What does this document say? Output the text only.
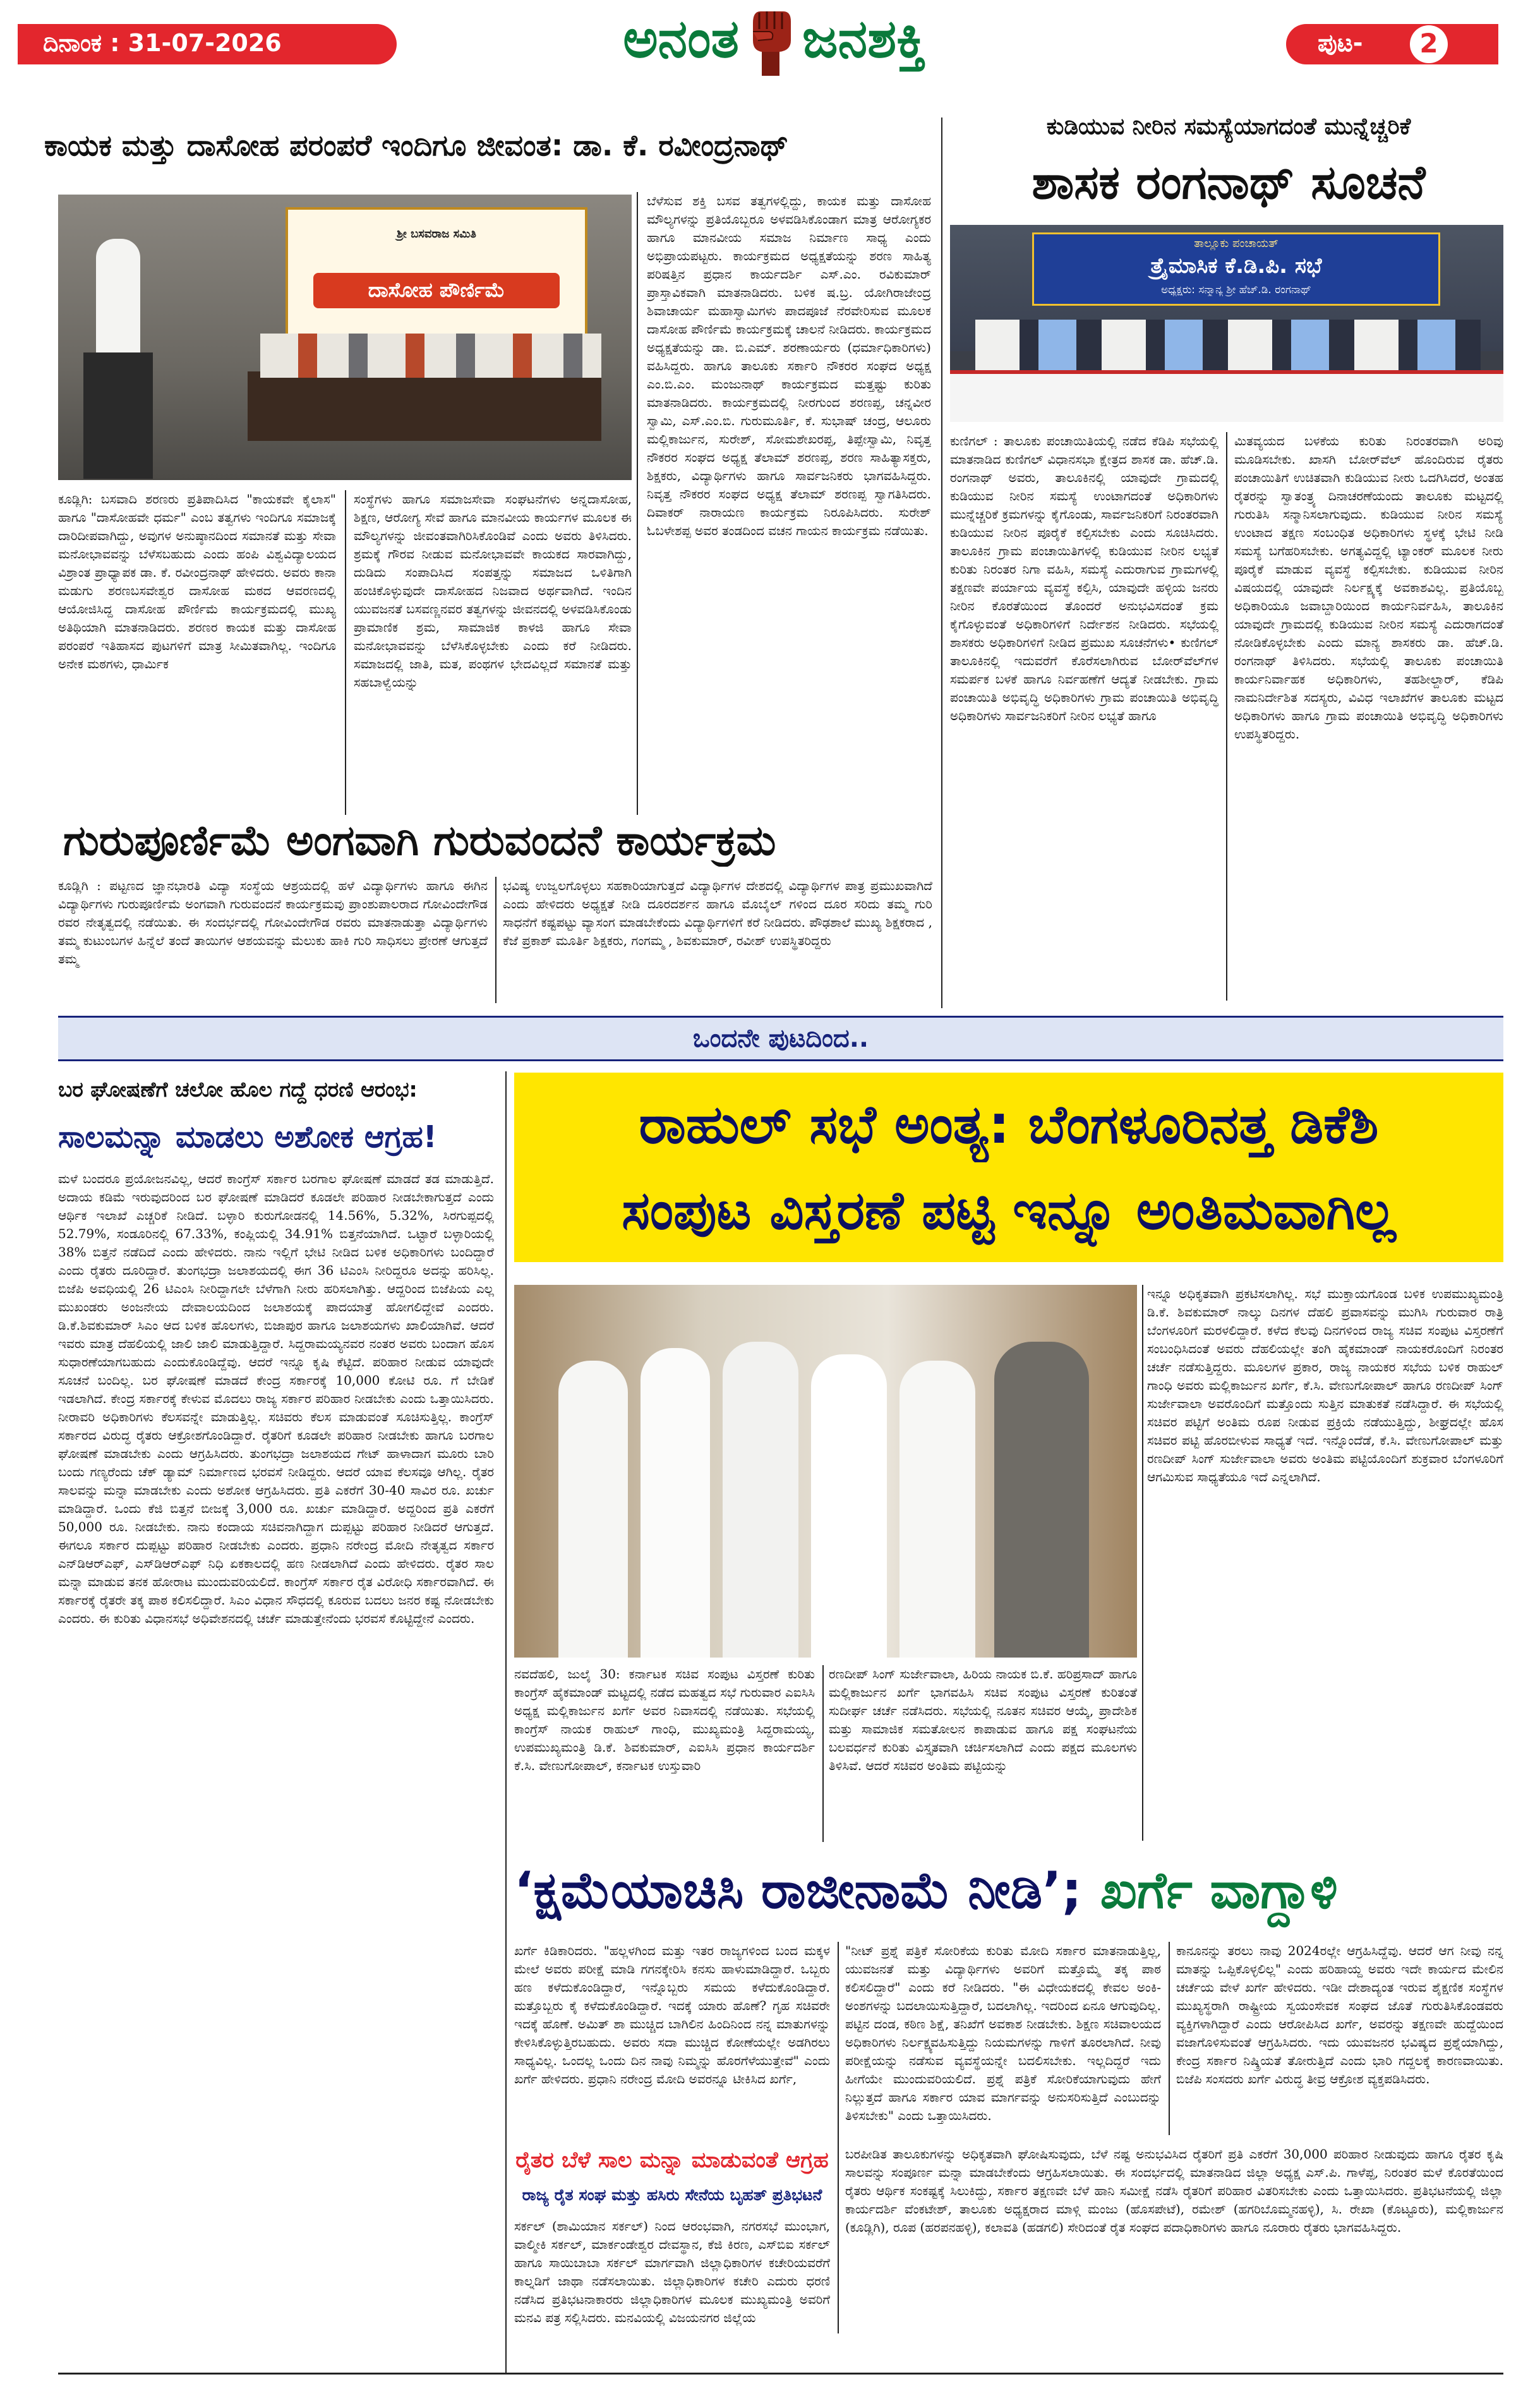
ದಿನಾಂಕ : 31-07-2026	ಅನಂತ ಜನಶಕ್ತಿ	ಪುಟ-	2
ಕಾಯಕ ಮತ್ತು ದಾಸೋಹ ಪರಂಪರೆ ಇಂದಿಗೂ ಜೀವಂತ: ಡಾ. ಕೆ. ರವೀಂದ್ರನಾಥ್
ಶ್ರೀ ಬಸವರಾಜ ಸಮಿತಿ
ದಾಸೋಹ ಪೌರ್ಣಿಮೆ
ಬೆಳೆಸುವ ಶಕ್ತಿ ಬಸವ ತತ್ವಗಳಲ್ಲಿದ್ದು, ಕಾಯಕ ಮತ್ತು ದಾಸೋಹ ಮೌಲ್ಯಗಳನ್ನು ಪ್ರತಿಯೊಬ್ಬರೂ ಅಳವಡಿಸಿಕೊಂಡಾಗ ಮಾತ್ರ ಆರೋಗ್ಯಕರ ಹಾಗೂ ಮಾನವೀಯ ಸಮಾಜ ನಿರ್ಮಾಣ ಸಾಧ್ಯ ಎಂದು ಅಭಿಪ್ರಾಯಪಟ್ಟರು. ಕಾರ್ಯಕ್ರಮದ ಅಧ್ಯಕ್ಷತೆಯನ್ನು ಶರಣ ಸಾಹಿತ್ಯ ಪರಿಷತ್ತಿನ ಪ್ರಧಾನ ಕಾರ್ಯದರ್ಶಿ ಎಸ್.ಎಂ. ರವಿಕುಮಾರ್ ಪ್ರಾಸ್ತಾವಿಕವಾಗಿ ಮಾತನಾಡಿದರು. ಬಳಿಕ ಷ.ಬ್ರ. ಯೋಗಿರಾಜೇಂದ್ರ ಶಿವಾಚಾರ್ಯ ಮಹಾಸ್ವಾಮಿಗಳು ಪಾದಪೂಜೆ ನೆರವೇರಿಸುವ ಮೂಲಕ ದಾಸೋಹ ಪೌರ್ಣಿಮೆ ಕಾರ್ಯಕ್ರಮಕ್ಕೆ ಚಾಲನೆ ನೀಡಿದರು. ಕಾರ್ಯಕ್ರಮದ ಅಧ್ಯಕ್ಷತೆಯನ್ನು ಡಾ. ಬಿ.ಎಮ್. ಶರಣಾರ್ಯರು (ಧರ್ಮಾಧಿಕಾರಿಗಳು) ವಹಿಸಿದ್ದರು. ಹಾಗೂ ತಾಲೂಕು ಸರ್ಕಾರಿ ನೌಕರರ ಸಂಘದ ಅಧ್ಯಕ್ಷ ಎಂ.ಬಿ.ಎಂ. ಮಂಜುನಾಥ್ ಕಾರ್ಯಕ್ರಮದ ಮತ್ತಷ್ಟು ಕುರಿತು ಮಾತನಾಡಿದರು. ಕಾರ್ಯಕ್ರಮದಲ್ಲಿ ನೀರಗುಂದ ಶರಣಪ್ಪ, ಚನ್ನವೀರ ಸ್ವಾಮಿ, ಎಸ್.ಎಂ.ಬಿ. ಗುರುಮೂರ್ತಿ, ಕೆ. ಸುಭಾಷ್ ಚಂದ್ರ, ಆಲೂರು ಮಲ್ಲಿಕಾರ್ಜುನ, ಸುರೇಶ್, ಸೋಮಶೇಖರಪ್ಪ, ತಿಪ್ಪೇಸ್ವಾಮಿ, ನಿವೃತ್ತ ನೌಕರರ ಸಂಘದ ಅಧ್ಯಕ್ಷ ತೆಲಾಮ್ ಶರಣಪ್ಪ, ಶರಣ ಸಾಹಿತ್ಯಾಸಕ್ತರು, ಶಿಕ್ಷಕರು, ವಿದ್ಯಾರ್ಥಿಗಳು ಹಾಗೂ ಸಾರ್ವಜನಿಕರು ಭಾಗವಹಿಸಿದ್ದರು. ನಿವೃತ್ತ ನೌಕರರ ಸಂಘದ ಅಧ್ಯಕ್ಷ ತೆಲಾಮ್ ಶರಣಪ್ಪ ಸ್ವಾಗತಿಸಿದರು. ದಿವಾಕರ್ ನಾರಾಯಣ ಕಾರ್ಯಕ್ರಮ ನಿರೂಪಿಸಿದರು. ಸುರೇಶ್ ಓಬಳೇಶಪ್ಪ ಅವರ ತಂಡದಿಂದ ವಚನ ಗಾಯನ ಕಾರ್ಯಕ್ರಮ ನಡೆಯಿತು.
ಕೂಡ್ಲಿಗಿ: ಬಸವಾದಿ ಶರಣರು ಪ್ರತಿಪಾದಿಸಿದ "ಕಾಯಕವೇ ಕೈಲಾಸ" ಹಾಗೂ "ದಾಸೋಹವೇ ಧರ್ಮ" ಎಂಬ ತತ್ವಗಳು ಇಂದಿಗೂ ಸಮಾಜಕ್ಕೆ ದಾರಿದೀಪವಾಗಿದ್ದು, ಅವುಗಳ ಅನುಷ್ಠಾನದಿಂದ ಸಮಾನತೆ ಮತ್ತು ಸೇವಾ ಮನೋಭಾವವನ್ನು ಬೆಳೆಸಬಹುದು ಎಂದು ಹಂಪಿ ವಿಶ್ವವಿದ್ಯಾಲಯದ ವಿಶ್ರಾಂತ ಪ್ರಾಧ್ಯಾಪಕ ಡಾ. ಕೆ. ರವೀಂದ್ರನಾಥ್ ಹೇಳಿದರು. ಅವರು ಕಾನಾ ಮಡುಗು ಶರಣಬಸವೇಶ್ವರ ದಾಸೋಹ ಮಠದ ಆವರಣದಲ್ಲಿ ಆಯೋಜಿಸಿದ್ದ ದಾಸೋಹ ಪೌರ್ಣಿಮೆ ಕಾರ್ಯಕ್ರಮದಲ್ಲಿ ಮುಖ್ಯ ಅತಿಥಿಯಾಗಿ ಮಾತನಾಡಿದರು. ಶರಣರ ಕಾಯಕ ಮತ್ತು ದಾಸೋಹ ಪರಂಪರೆ ಇತಿಹಾಸದ ಪುಟಗಳಿಗೆ ಮಾತ್ರ ಸೀಮಿತವಾಗಿಲ್ಲ. ಇಂದಿಗೂ ಅನೇಕ ಮಠಗಳು, ಧಾರ್ಮಿಕ
ಸಂಸ್ಥೆಗಳು ಹಾಗೂ ಸಮಾಜಸೇವಾ ಸಂಘಟನೆಗಳು ಅನ್ನದಾಸೋಹ, ಶಿಕ್ಷಣ, ಆರೋಗ್ಯ ಸೇವೆ ಹಾಗೂ ಮಾನವೀಯ ಕಾರ್ಯಗಳ ಮೂಲಕ ಈ ಮೌಲ್ಯಗಳನ್ನು ಜೀವಂತವಾಗಿರಿಸಿಕೊಂಡಿವೆ ಎಂದು ಅವರು ತಿಳಿಸಿದರು. ಶ್ರಮಕ್ಕೆ ಗೌರವ ನೀಡುವ ಮನೋಭಾವವೇ ಕಾಯಕದ ಸಾರವಾಗಿದ್ದು, ದುಡಿದು ಸಂಪಾದಿಸಿದ ಸಂಪತ್ತನ್ನು ಸಮಾಜದ ಒಳಿತಿಗಾಗಿ ಹಂಚಿಕೊಳ್ಳುವುದೇ ದಾಸೋಹದ ನಿಜವಾದ ಅರ್ಥವಾಗಿದೆ. ಇಂದಿನ ಯುವಜನತೆ ಬಸವಣ್ಣನವರ ತತ್ವಗಳನ್ನು ಜೀವನದಲ್ಲಿ ಅಳವಡಿಸಿಕೊಂಡು ಪ್ರಾಮಾಣಿಕ ಶ್ರಮ, ಸಾಮಾಜಿಕ ಕಾಳಜಿ ಹಾಗೂ ಸೇವಾ ಮನೋಭಾವವನ್ನು ಬೆಳೆಸಿಕೊಳ್ಳಬೇಕು ಎಂದು ಕರೆ ನೀಡಿದರು. ಸಮಾಜದಲ್ಲಿ ಜಾತಿ, ಮತ, ಪಂಥಗಳ ಭೇದವಿಲ್ಲದೆ ಸಮಾನತೆ ಮತ್ತು ಸಹಬಾಳ್ವೆಯನ್ನು
ಗುರುಪೂರ್ಣಿಮೆ ಅಂಗವಾಗಿ ಗುರುವಂದನೆ ಕಾರ್ಯಕ್ರಮ
ಕೂಡ್ಲಿಗಿ : ಪಟ್ಟಣದ ಜ್ಞಾನಭಾರತಿ ವಿದ್ಯಾ ಸಂಸ್ಥೆಯ ಆಶ್ರಯದಲ್ಲಿ ಹಳೆ ವಿದ್ಯಾರ್ಥಿಗಳು ಹಾಗೂ ಈಗಿನ ವಿದ್ಯಾರ್ಥಿಗಳು ಗುರುಪೂರ್ಣಿಮೆ ಅಂಗವಾಗಿ ಗುರುವಂದನೆ ಕಾರ್ಯಕ್ರಮವು ಪ್ರಾಂಶುಪಾಲರಾದ ಗೋವಿಂದೇಗೌಡ ರವರ ನೇತೃತ್ವದಲ್ಲಿ ನಡೆಯಿತು. ಈ ಸಂದರ್ಭದಲ್ಲಿ ಗೋವಿಂದೇಗೌಡ ರವರು ಮಾತನಾಡುತ್ತಾ ವಿದ್ಯಾರ್ಥಿಗಳು ತಮ್ಮ ಕುಟುಂಬಗಳ ಹಿನ್ನೆಲೆ ತಂದೆ ತಾಯಿಗಳ ಆಶಯವನ್ನು ಮೆಲುಕು ಹಾಕಿ ಗುರಿ ಸಾಧಿಸಲು ಪ್ರೇರಣೆ ಆಗುತ್ತದೆ ತಮ್ಮ
ಭವಿಷ್ಯ ಉಜ್ವಲಗೊಳ್ಳಲು ಸಹಕಾರಿಯಾಗುತ್ತದೆ ವಿದ್ಯಾರ್ಥಿಗಳ ದೇಶದಲ್ಲಿ ವಿದ್ಯಾರ್ಥಿಗಳ ಪಾತ್ರ ಪ್ರಮುಖವಾಗಿದೆ ಎಂದು ಹೇಳಿದರು ಅಧ್ಯಕ್ಷತೆ ನೀಡಿ ದೂರದರ್ಶನ ಹಾಗೂ ಮೊಬೈಲ್ ಗಳಿಂದ ದೂರ ಸರಿದು ತಮ್ಮ ಗುರಿ ಸಾಧನೆಗೆ ಕಷ್ಟಪಟ್ಟು ವ್ಯಾಸಂಗ ಮಾಡಬೇಕೆಂದು ವಿದ್ಯಾರ್ಥಿಗಳಿಗೆ ಕರೆ ನೀಡಿದರು. ಪೌಢಶಾಲೆ ಮುಖ್ಯ ಶಿಕ್ಷಕರಾದ , ಕೆಜೆ ಪ್ರಕಾಶ್ ಮೂರ್ತಿ ಶಿಕ್ಷಕರು, ಗಂಗಮ್ಮ , ಶಿವಕುಮಾರ್, ರವೀಶ್ ಉಪಸ್ಥಿತರಿದ್ದರು
ಕುಡಿಯುವ ನೀರಿನ ಸಮಸ್ಯೆಯಾಗದಂತೆ ಮುನ್ನೆಚ್ಚರಿಕೆ
ಶಾಸಕ ರಂಗನಾಥ್ ಸೂಚನೆ
ತಾಲ್ಲೂಕು ಪಂಚಾಯತ್
ತ್ರೈಮಾಸಿಕ ಕೆ.ಡಿ.ಪಿ. ಸಭೆ
ಅಧ್ಯಕ್ಷರು: ಸನ್ಮಾನ್ಯ ಶ್ರೀ ಹೆಚ್.ಡಿ. ರಂಗನಾಥ್
ಕುಣಿಗಲ್ : ತಾಲೂಕು ಪಂಚಾಯಿತಿಯಲ್ಲಿ ನಡೆದ ಕೆಡಿಪಿ ಸಭೆಯಲ್ಲಿ ಮಾತನಾಡಿದ ಕುಣಿಗಲ್ ವಿಧಾನಸಭಾ ಕ್ಷೇತ್ರದ ಶಾಸಕ ಡಾ. ಹೆಚ್.ಡಿ. ರಂಗನಾಥ್ ಅವರು, ತಾಲೂಕಿನಲ್ಲಿ ಯಾವುದೇ ಗ್ರಾಮದಲ್ಲಿ ಕುಡಿಯುವ ನೀರಿನ ಸಮಸ್ಯೆ ಉಂಟಾಗದಂತೆ ಅಧಿಕಾರಿಗಳು ಮುನ್ನೆಚ್ಚರಿಕೆ ಕ್ರಮಗಳನ್ನು ಕೈಗೊಂಡು, ಸಾರ್ವಜನಿಕರಿಗೆ ನಿರಂತರವಾಗಿ ಕುಡಿಯುವ ನೀರಿನ ಪೂರೈಕೆ ಕಲ್ಪಿಸಬೇಕು ಎಂದು ಸೂಚಿಸಿದರು. ತಾಲೂಕಿನ ಗ್ರಾಮ ಪಂಚಾಯಿತಿಗಳಲ್ಲಿ ಕುಡಿಯುವ ನೀರಿನ ಲಭ್ಯತೆ ಕುರಿತು ನಿರಂತರ ನಿಗಾ ವಹಿಸಿ, ಸಮಸ್ಯೆ ಎದುರಾಗುವ ಗ್ರಾಮಗಳಲ್ಲಿ ತಕ್ಷಣವೇ ಪರ್ಯಾಯ ವ್ಯವಸ್ಥೆ ಕಲ್ಪಿಸಿ, ಯಾವುದೇ ಹಳ್ಳಿಯ ಜನರು ನೀರಿನ ಕೊರತೆಯಿಂದ ತೊಂದರೆ ಅನುಭವಿಸದಂತೆ ಕ್ರಮ ಕೈಗೊಳ್ಳುವಂತೆ ಅಧಿಕಾರಿಗಳಿಗೆ ನಿರ್ದೇಶನ ನೀಡಿದರು. ಸಭೆಯಲ್ಲಿ ಶಾಸಕರು ಅಧಿಕಾರಿಗಳಿಗೆ ನೀಡಿದ ಪ್ರಮುಖ ಸೂಚನೆಗಳು• ಕುಣಿಗಲ್ ತಾಲೂಕಿನಲ್ಲಿ ಇದುವರೆಗೆ ಕೊರೆಸಲಾಗಿರುವ ಬೋರ್‌ವೆಲ್‌ಗಳ ಸಮರ್ಪಕ ಬಳಕೆ ಹಾಗೂ ನಿರ್ವಹಣೆಗೆ ಆದ್ಯತೆ ನೀಡಬೇಕು. ಗ್ರಾಮ ಪಂಚಾಯಿತಿ ಅಭಿವೃದ್ಧಿ ಅಧಿಕಾರಿಗಳು ಗ್ರಾಮ ಪಂಚಾಯಿತಿ ಅಭಿವೃದ್ಧಿ ಅಧಿಕಾರಿಗಳು ಸಾರ್ವಜನಿಕರಿಗೆ ನೀರಿನ ಲಭ್ಯತೆ ಹಾಗೂ
ಮಿತವ್ಯಯದ ಬಳಕೆಯ ಕುರಿತು ನಿರಂತರವಾಗಿ ಅರಿವು ಮೂಡಿಸಬೇಕು. ಖಾಸಗಿ ಬೋರ್‌ವೆಲ್ ಹೊಂದಿರುವ ರೈತರು ಪಂಚಾಯಿತಿಗೆ ಉಚಿತವಾಗಿ ಕುಡಿಯುವ ನೀರು ಒದಗಿಸಿದರೆ, ಅಂತಹ ರೈತರನ್ನು ಸ್ವಾತಂತ್ರ್ಯ ದಿನಾಚರಣೆಯಂದು ತಾಲೂಕು ಮಟ್ಟದಲ್ಲಿ ಗುರುತಿಸಿ ಸನ್ಮಾನಿಸಲಾಗುವುದು. ಕುಡಿಯುವ ನೀರಿನ ಸಮಸ್ಯೆ ಉಂಟಾದ ತಕ್ಷಣ ಸಂಬಂಧಿತ ಅಧಿಕಾರಿಗಳು ಸ್ಥಳಕ್ಕೆ ಭೇಟಿ ನೀಡಿ ಸಮಸ್ಯೆ ಬಗೆಹರಿಸಬೇಕು. ಅಗತ್ಯವಿದ್ದಲ್ಲಿ ಟ್ಯಾಂಕರ್ ಮೂಲಕ ನೀರು ಪೂರೈಕೆ ಮಾಡುವ ವ್ಯವಸ್ಥೆ ಕಲ್ಪಿಸಬೇಕು. ಕುಡಿಯುವ ನೀರಿನ ವಿಷಯದಲ್ಲಿ ಯಾವುದೇ ನಿರ್ಲಕ್ಷ್ಯಕ್ಕೆ ಅವಕಾಶವಿಲ್ಲ. ಪ್ರತಿಯೊಬ್ಬ ಅಧಿಕಾರಿಯೂ ಜವಾಬ್ದಾರಿಯಿಂದ ಕಾರ್ಯನಿರ್ವಹಿಸಿ, ತಾಲೂಕಿನ ಯಾವುದೇ ಗ್ರಾಮದಲ್ಲಿ ಕುಡಿಯುವ ನೀರಿನ ಸಮಸ್ಯೆ ಎದುರಾಗದಂತೆ ನೋಡಿಕೊಳ್ಳಬೇಕು ಎಂದು ಮಾನ್ಯ ಶಾಸಕರು ಡಾ. ಹೆಚ್.ಡಿ. ರಂಗನಾಥ್ ತಿಳಿಸಿದರು. ಸಭೆಯಲ್ಲಿ ತಾಲೂಕು ಪಂಚಾಯಿತಿ ಕಾರ್ಯನಿರ್ವಾಹಕ ಅಧಿಕಾರಿಗಳು, ತಹಶೀಲ್ದಾರ್, ಕೆಡಿಪಿ ನಾಮನಿರ್ದೇಶಿತ ಸದಸ್ಯರು, ವಿವಿಧ ಇಲಾಖೆಗಳ ತಾಲೂಕು ಮಟ್ಟದ ಅಧಿಕಾರಿಗಳು ಹಾಗೂ ಗ್ರಾಮ ಪಂಚಾಯಿತಿ ಅಭಿವೃದ್ಧಿ ಅಧಿಕಾರಿಗಳು ಉಪಸ್ಥಿತರಿದ್ದರು.
ಒಂದನೇ ಪುಟದಿಂದ..
ಬರ ಘೋಷಣೆಗೆ ಚಲೋ ಹೊಲ ಗದ್ದೆ ಧರಣಿ ಆರಂಭ:
ಸಾಲಮನ್ನಾ ಮಾಡಲು ಅಶೋಕ ಆಗ್ರಹ!
ಮಳೆ ಬಂದರೂ ಪ್ರಯೋಜನವಿಲ್ಲ, ಆದರೆ ಕಾಂಗ್ರೆಸ್ ಸರ್ಕಾರ ಬರಗಾಲ ಘೋಷಣೆ ಮಾಡದೆ ತಡ ಮಾಡುತ್ತಿದೆ. ಅದಾಯ ಕಡಿಮೆ ಇರುವುದರಿಂದ ಬರ ಘೋಷಣೆ ಮಾಡಿದರೆ ಕೂಡಲೇ ಪರಿಹಾರ ನೀಡಬೇಕಾಗುತ್ತದೆ ಎಂದು ಆರ್ಥಿಕ ಇಲಾಖೆ ಎಚ್ಚರಿಕೆ ನೀಡಿದೆ. ಬಳ್ಳಾರಿ ಕುರುಗೋಡನಲ್ಲಿ 14.56%, 5.32%, ಸಿರಗುಪ್ಪದಲ್ಲಿ 52.79%, ಸಂಡೂರಿನಲ್ಲಿ 67.33%, ಕಂಪ್ಲಿಯಲ್ಲಿ 34.91% ಬಿತ್ತನೆಯಾಗಿದೆ. ಒಟ್ಟಾರೆ ಬಳ್ಳಾರಿಯಲ್ಲಿ 38% ಬಿತ್ತನೆ ನಡೆದಿದೆ ಎಂದು ಹೇಳಿದರು. ನಾನು ಇಲ್ಲಿಗೆ ಭೇಟಿ ನೀಡಿದ ಬಳಿಕ ಅಧಿಕಾರಿಗಳು ಬಂದಿದ್ದಾರೆ ಎಂದು ರೈತರು ದೂರಿದ್ದಾರೆ. ತುಂಗಭದ್ರಾ ಜಲಾಶಯದಲ್ಲಿ ಈಗ 36 ಟಿಎಂಸಿ ನೀರಿದ್ದರೂ ಅದನ್ನು ಹರಿಸಿಲ್ಲ. ಬಿಜೆಪಿ ಅವಧಿಯಲ್ಲಿ 26 ಟಿಎಂಸಿ ನೀರಿದ್ದಾಗಲೇ ಬೆಳೆಗಾಗಿ ನೀರು ಹರಿಸಲಾಗಿತ್ತು. ಆದ್ದರಿಂದ ಬಿಜೆಪಿಯ ಎಲ್ಲ ಮುಖಂಡರು ಅಂಜನೇಯ ದೇವಾಲಯದಿಂದ ಜಲಾಶಯಕ್ಕೆ ಪಾದಯಾತ್ರೆ ಹೋಗಲಿದ್ದೇವೆ ಎಂದರು. ಡಿ.ಕೆ.ಶಿವಕುಮಾರ್ ಸಿಎಂ ಆದ ಬಳಿಕ ಹೊಲಗಳು, ಬಿಜಾಪುರ ಹಾಗೂ ಜಲಾಶಯಗಳು ಖಾಲಿಯಾಗಿವೆ. ಆದರೆ ಇವರು ಮಾತ್ರ ದೆಹಲಿಯಲ್ಲಿ ಜಾಲಿ ಜಾಲಿ ಮಾಡುತ್ತಿದ್ದಾರೆ. ಸಿದ್ದರಾಮಯ್ಯನವರ ನಂತರ ಅವರು ಬಂದಾಗ ಹೊಸ ಸುಧಾರಣೆಯಾಗಬಹುದು ಎಂದುಕೊಂಡಿದ್ದೆವು. ಆದರೆ ಇನ್ನೂ ಕೃಷಿ ಕೆಟ್ಟಿದೆ. ಪರಿಹಾರ ನೀಡುವ ಯಾವುದೇ ಸೂಚನೆ ಬಂದಿಲ್ಲ. ಬರ ಘೋಷಣೆ ಮಾಡದೆ ಕೇಂದ್ರ ಸರ್ಕಾರಕ್ಕೆ 10,000 ಕೋಟಿ ರೂ. ಗೆ ಬೇಡಿಕೆ ಇಡಲಾಗಿದೆ. ಕೇಂದ್ರ ಸರ್ಕಾರಕ್ಕೆ ಕೇಳುವ ಮೊದಲು ರಾಜ್ಯ ಸರ್ಕಾರ ಪರಿಹಾರ ನೀಡಬೇಕು ಎಂದು ಒತ್ತಾಯಿಸಿದರು. ನೀರಾವರಿ ಅಧಿಕಾರಿಗಳು ಕೆಲಸವನ್ನೇ ಮಾಡುತ್ತಿಲ್ಲ. ಸಚಿವರು ಕೆಲಸ ಮಾಡುವಂತೆ ಸೂಚಿಸುತ್ತಿಲ್ಲ. ಕಾಂಗ್ರೆಸ್ ಸರ್ಕಾರದ ವಿರುದ್ಧ ರೈತರು ಆಕ್ರೋಶಗೊಂಡಿದ್ದಾರೆ. ರೈತರಿಗೆ ಕೂಡಲೇ ಪರಿಹಾರ ನೀಡಬೇಕು ಹಾಗೂ ಬರಗಾಲ ಘೋಷಣೆ ಮಾಡಬೇಕು ಎಂದು ಆಗ್ರಹಿಸಿದರು. ತುಂಗಭದ್ರಾ ಜಲಾಶಯದ ಗೇಟ್ ಹಾಳಾದಾಗ ಮೂರು ಬಾರಿ ಬಂದು ಗಣ್ಯರೆಂದು ಚೆಕ್ ಡ್ಯಾಮ್ ನಿರ್ಮಾಣದ ಭರವಸೆ ನೀಡಿದ್ದರು. ಆದರೆ ಯಾವ ಕೆಲಸವೂ ಆಗಿಲ್ಲ. ರೈತರ ಸಾಲವನ್ನು ಮನ್ನಾ ಮಾಡಬೇಕು ಎಂದು ಅಶೋಕ ಆಗ್ರಹಿಸಿದರು. ಪ್ರತಿ ಎಕರೆಗೆ 30-40 ಸಾವಿರ ರೂ. ಖರ್ಚು ಮಾಡಿದ್ದಾರೆ. ಒಂದು ಕೆಜಿ ಬಿತ್ತನೆ ಬೀಜಕ್ಕೆ 3,000 ರೂ. ಖರ್ಚು ಮಾಡಿದ್ದಾರೆ. ಅದ್ದರಿಂದ ಪ್ರತಿ ಎಕರೆಗೆ 50,000 ರೂ. ನೀಡಬೇಕು. ನಾನು ಕಂದಾಯ ಸಚಿವನಾಗಿದ್ದಾಗ ದುಪ್ಪಟ್ಟು ಪರಿಹಾರ ನೀಡಿದರೆ ಆಗುತ್ತದೆ. ಈಗಲೂ ಸರ್ಕಾರ ದುಪ್ಪಟ್ಟು ಪರಿಹಾರ ನೀಡಬೇಕು ಎಂದರು. ಪ್ರಧಾನಿ ನರೇಂದ್ರ ಮೋದಿ ನೇತೃತ್ವದ ಸರ್ಕಾರ ಎನ್‌ಡಿಆರ್‌ಎಫ್, ಎಸ್‌ಡಿಆರ್‌ಎಫ್ ನಿಧಿ ಏಕಕಾಲದಲ್ಲಿ ಹಣ ನೀಡಲಾಗಿದೆ ಎಂದು ಹೇಳಿದರು. ರೈತರ ಸಾಲ ಮನ್ನಾ ಮಾಡುವ ತನಕ ಹೋರಾಟ ಮುಂದುವರಿಯಲಿದೆ. ಕಾಂಗ್ರೆಸ್ ಸರ್ಕಾರ ರೈತ ವಿರೋಧಿ ಸರ್ಕಾರವಾಗಿದೆ. ಈ ಸರ್ಕಾರಕ್ಕೆ ರೈತರೇ ತಕ್ಕ ಪಾಠ ಕಲಿಸಲಿದ್ದಾರೆ. ಸಿಎಂ ವಿಧಾನ ಸೌಧದಲ್ಲಿ ಕೂರುವ ಬದಲು ಜನರ ಕಷ್ಟ ನೋಡಬೇಕು ಎಂದರು. ಈ ಕುರಿತು ವಿಧಾನಸಭೆ ಅಧಿವೇಶನದಲ್ಲಿ ಚರ್ಚೆ ಮಾಡುತ್ತೇನೆಂದು ಭರವಸೆ ಕೊಟ್ಟಿದ್ದೇನೆ ಎಂದರು.
ರಾಹುಲ್ ಸಭೆ ಅಂತ್ಯ: ಬೆಂಗಳೂರಿನತ್ತ ಡಿಕೆಶಿ
ಸಂಪುಟ ವಿಸ್ತರಣೆ ಪಟ್ಟಿ ಇನ್ನೂ ಅಂತಿಮವಾಗಿಲ್ಲ
ಇನ್ನೂ ಅಧಿಕೃತವಾಗಿ ಪ್ರಕಟಿಸಲಾಗಿಲ್ಲ. ಸಭೆ ಮುಕ್ತಾಯಗೊಂಡ ಬಳಿಕ ಉಪಮುಖ್ಯಮಂತ್ರಿ ಡಿ.ಕೆ. ಶಿವಕುಮಾರ್ ನಾಲ್ಕು ದಿನಗಳ ದೆಹಲಿ ಪ್ರವಾಸವನ್ನು ಮುಗಿಸಿ ಗುರುವಾರ ರಾತ್ರಿ ಬೆಂಗಳೂರಿಗೆ ಮರಳಲಿದ್ದಾರೆ. ಕಳೆದ ಕೆಲವು ದಿನಗಳಿಂದ ರಾಜ್ಯ ಸಚಿವ ಸಂಪುಟ ವಿಸ್ತರಣೆಗೆ ಸಂಬಂಧಿಸಿದಂತೆ ಅವರು ದೆಹಲಿಯಲ್ಲೇ ತಂಗಿ ಹೈಕಮಾಂಡ್ ನಾಯಕರೊಂದಿಗೆ ನಿರಂತರ ಚರ್ಚೆ ನಡೆಸುತ್ತಿದ್ದರು. ಮೂಲಗಳ ಪ್ರಕಾರ, ರಾಜ್ಯ ನಾಯಕರ ಸಭೆಯ ಬಳಿಕ ರಾಹುಲ್ ಗಾಂಧಿ ಅವರು ಮಲ್ಲಿಕಾರ್ಜುನ ಖರ್ಗೆ, ಕೆ.ಸಿ. ವೇಣುಗೋಪಾಲ್ ಹಾಗೂ ರಣದೀಪ್ ಸಿಂಗ್ ಸುರ್ಜೇವಾಲಾ ಅವರೊಂದಿಗೆ ಮತ್ತೊಂದು ಸುತ್ತಿನ ಮಾತುಕತೆ ನಡೆಸಿದ್ದಾರೆ. ಈ ಸಭೆಯಲ್ಲಿ ಸಚಿವರ ಪಟ್ಟಿಗೆ ಅಂತಿಮ ರೂಪ ನೀಡುವ ಪ್ರಕ್ರಿಯೆ ನಡೆಯುತ್ತಿದ್ದು, ಶೀಘ್ರದಲ್ಲೇ ಹೊಸ ಸಚಿವರ ಪಟ್ಟಿ ಹೊರಬೀಳುವ ಸಾಧ್ಯತೆ ಇದೆ. ಇನ್ನೊಂದೆಡೆ, ಕೆ.ಸಿ. ವೇಣುಗೋಪಾಲ್ ಮತ್ತು ರಣದೀಪ್ ಸಿಂಗ್ ಸುರ್ಜೇವಾಲಾ ಅವರು ಅಂತಿಮ ಪಟ್ಟಿಯೊಂದಿಗೆ ಶುಕ್ರವಾರ ಬೆಂಗಳೂರಿಗೆ ಆಗಮಿಸುವ ಸಾಧ್ಯತೆಯೂ ಇದೆ ಎನ್ನಲಾಗಿದೆ.
ನವದೆಹಲಿ, ಜುಲೈ 30: ಕರ್ನಾಟಕ ಸಚಿವ ಸಂಪುಟ ವಿಸ್ತರಣೆ ಕುರಿತು ಕಾಂಗ್ರೆಸ್ ಹೈಕಮಾಂಡ್ ಮಟ್ಟದಲ್ಲಿ ನಡೆದ ಮಹತ್ವದ ಸಭೆ ಗುರುವಾರ ಎಐಸಿಸಿ ಅಧ್ಯಕ್ಷ ಮಲ್ಲಿಕಾರ್ಜುನ ಖರ್ಗೆ ಅವರ ನಿವಾಸದಲ್ಲಿ ನಡೆಯಿತು. ಸಭೆಯಲ್ಲಿ ಕಾಂಗ್ರೆಸ್ ನಾಯಕ ರಾಹುಲ್ ಗಾಂಧಿ, ಮುಖ್ಯಮಂತ್ರಿ ಸಿದ್ದರಾಮಯ್ಯ, ಉಪಮುಖ್ಯಮಂತ್ರಿ ಡಿ.ಕೆ. ಶಿವಕುಮಾರ್, ಎಐಸಿಸಿ ಪ್ರಧಾನ ಕಾರ್ಯದರ್ಶಿ ಕೆ.ಸಿ. ವೇಣುಗೋಪಾಲ್, ಕರ್ನಾಟಕ ಉಸ್ತುವಾರಿ
ರಣದೀಪ್ ಸಿಂಗ್ ಸುರ್ಜೇವಾಲಾ, ಹಿರಿಯ ನಾಯಕ ಬಿ.ಕೆ. ಹರಿಪ್ರಸಾದ್ ಹಾಗೂ ಮಲ್ಲಿಕಾರ್ಜುನ ಖರ್ಗೆ ಭಾಗವಹಿಸಿ ಸಚಿವ ಸಂಪುಟ ವಿಸ್ತರಣೆ ಕುರಿತಂತೆ ಸುದೀರ್ಘ ಚರ್ಚೆ ನಡೆಸಿದರು. ಸಭೆಯಲ್ಲಿ ನೂತನ ಸಚಿವರ ಆಯ್ಕೆ, ಪ್ರಾದೇಶಿಕ ಮತ್ತು ಸಾಮಾಜಿಕ ಸಮತೋಲನ ಕಾಪಾಡುವ ಹಾಗೂ ಪಕ್ಷ ಸಂಘಟನೆಯ ಬಲವರ್ಧನೆ ಕುರಿತು ವಿಸ್ತೃತವಾಗಿ ಚರ್ಚಿಸಲಾಗಿದೆ ಎಂದು ಪಕ್ಷದ ಮೂಲಗಳು ತಿಳಿಸಿವೆ. ಆದರೆ ಸಚಿವರ ಅಂತಿಮ ಪಟ್ಟಿಯನ್ನು
‘ಕ್ಷಮೆಯಾಚಿಸಿ ರಾಜೀನಾಮೆ ನೀಡಿ’; ಖರ್ಗೆ ವಾಗ್ದಾಳಿ
ಖರ್ಗೆ ಕಿಡಿಕಾರಿದರು. "ಹಲ್ಲಳಗಿಂದ ಮತ್ತು ಇತರ ರಾಜ್ಯಗಳಿಂದ ಬಂದ ಮಕ್ಕಳ ಮೇಲೆ ಅವರು ಪರೀಕ್ಷೆ ಮಾಡಿ ಗಗನಕ್ಕೇರಿಸಿ ಕನಸು ಹಾಳುಮಾಡಿದ್ದಾರೆ. ಒಬ್ಬರು ಹಣ ಕಳೆದುಕೊಂಡಿದ್ದಾರೆ, ಇನ್ನೊಬ್ಬರು ಸಮಯ ಕಳೆದುಕೊಂಡಿದ್ದಾರೆ. ಮತ್ತೊಬ್ಬರು ಕೈ ಕಳೆದುಕೊಂಡಿದ್ದಾರೆ. ಇದಕ್ಕೆ ಯಾರು ಹೊಣೆ? ಗೃಹ ಸಚಿವರೇ ಇದಕ್ಕೆ ಹೊಣೆ. ಅಮಿತ್ ಶಾ ಮುಚ್ಚಿದ ಬಾಗಿಲಿನ ಹಿಂದಿನಿಂದ ನನ್ನ ಮಾತುಗಳನ್ನು ಕೇಳಿಸಿಕೊಳ್ಳುತ್ತಿರಬಹುದು. ಅವರು ಸದಾ ಮುಚ್ಚಿದ ಕೋಣೆಯಲ್ಲೇ ಅಡಗಿರಲು ಸಾಧ್ಯವಿಲ್ಲ. ಒಂದಲ್ಲ ಒಂದು ದಿನ ನಾವು ನಿಮ್ಮನ್ನು ಹೊರಗೆಳೆಯುತ್ತೇವೆ" ಎಂದು ಖರ್ಗೆ ಹೇಳಿದರು. ಪ್ರಧಾನಿ ನರೇಂದ್ರ ಮೋದಿ ಅವರನ್ನೂ ಟೀಕಿಸಿದ ಖರ್ಗೆ,
"ನೀಟ್ ಪ್ರಶ್ನೆ ಪತ್ರಿಕೆ ಸೋರಿಕೆಯ ಕುರಿತು ಮೋದಿ ಸರ್ಕಾರ ಮಾತನಾಡುತ್ತಿಲ್ಲ, ಯುವಜನತೆ ಮತ್ತು ವಿದ್ಯಾರ್ಥಿಗಳು ಅವರಿಗೆ ಮತ್ತೊಮ್ಮೆ ತಕ್ಕ ಪಾಠ ಕಲಿಸಲಿದ್ದಾರೆ" ಎಂದು ಕರೆ ನೀಡಿದರು. "ಈ ವಿಧೇಯಕದಲ್ಲಿ ಕೇವಲ ಅಂಕಿ-ಅಂಶಗಳನ್ನು ಬದಲಾಯಿಸುತ್ತಿದ್ದಾರೆ, ಬದಲಾಗಿಲ್ಲ. ಇದರಿಂದ ಏನೂ ಆಗುವುದಿಲ್ಲ. ಪಟ್ಟಿನ ದಂಡ, ಕಠಿಣ ಶಿಕ್ಷೆ, ತನಿಖೆಗೆ ಅವಕಾಶ ನೀಡಬೇಕು. ಶಿಕ್ಷಣ ಸಚಿವಾಲಯದ ಅಧಿಕಾರಿಗಳು ನಿರ್ಲಕ್ಷ್ಯವಹಿಸುತ್ತಿದ್ದು ನಿಯಮಗಳನ್ನು ಗಾಳಿಗೆ ತೂರಲಾಗಿದೆ. ನೀವು ಪರೀಕ್ಷೆಯನ್ನು ನಡೆಸುವ ವ್ಯವಸ್ಥೆಯನ್ನೇ ಬದಲಿಸಬೇಕು. ಇಲ್ಲದಿದ್ದರೆ ಇದು ಹೀಗೆಯೇ ಮುಂದುವರಿಯಲಿದೆ. ಪ್ರಶ್ನೆ ಪತ್ರಿಕೆ ಸೋರಿಕೆಯಾಗುವುದು ಹೇಗೆ ನಿಲ್ಲುತ್ತದೆ ಹಾಗೂ ಸರ್ಕಾರ ಯಾವ ಮಾರ್ಗವನ್ನು ಅನುಸರಿಸುತ್ತಿದೆ ಎಂಬುದನ್ನು ತಿಳಿಸಬೇಕು" ಎಂದು ಒತ್ತಾಯಿಸಿದರು.
ಕಾನೂನನ್ನು ತರಲು ನಾವು 2024ರಲ್ಲೇ ಆಗ್ರಹಿಸಿದ್ದೆವು. ಆದರೆ ಆಗ ನೀವು ನನ್ನ ಮಾತನ್ನು ಒಪ್ಪಿಕೊಳ್ಳಲಿಲ್ಲ" ಎಂದು ಹರಿಹಾಯ್ದ ಅವರು ಇದೇ ಕಾರ್ಯದ ಮೇಲಿನ ಚರ್ಚೆಯ ವೇಳೆ ಖರ್ಗೆ ಹೇಳಿದರು. ಇಡೀ ದೇಶಾದ್ಯಂತ ಇರುವ ಶೈಕ್ಷಣಿಕ ಸಂಸ್ಥೆಗಳ ಮುಖ್ಯಸ್ಥರಾಗಿ ರಾಷ್ಟ್ರೀಯ ಸ್ವಯಂಸೇವಕ ಸಂಘದ ಜೊತೆ ಗುರುತಿಸಿಕೊಂಡವರು ವ್ಯಕ್ತಿಗಳಾಗಿದ್ದಾರೆ ಎಂದು ಆರೋಪಿಸಿದ ಖರ್ಗೆ, ಅವರನ್ನು ತಕ್ಷಣವೇ ಹುದ್ದೆಯಿಂದ ವಜಾಗೊಳಿಸುವಂತೆ ಆಗ್ರಹಿಸಿದರು. ಇದು ಯುವಜನರ ಭವಿಷ್ಯದ ಪ್ರಶ್ನೆಯಾಗಿದ್ದು, ಕೇಂದ್ರ ಸರ್ಕಾರ ನಿಷ್ಕ್ರಿಯತೆ ತೋರುತ್ತಿದೆ ಎಂದು ಭಾರಿ ಗದ್ದಲಕ್ಕೆ ಕಾರಣವಾಯಿತು. ಬಿಜೆಪಿ ಸಂಸದರು ಖರ್ಗೆ ವಿರುದ್ಧ ತೀವ್ರ ಆಕ್ರೋಶ ವ್ಯಕ್ತಪಡಿಸಿದರು.
ರೈತರ ಬೆಳೆ ಸಾಲ ಮನ್ನಾ ಮಾಡುವಂತೆ ಆಗ್ರಹ
ರಾಜ್ಯ ರೈತ ಸಂಘ ಮತ್ತು ಹಸಿರು ಸೇನೆಯ ಬೃಹತ್ ಪ್ರತಿಭಟನೆ
ಸರ್ಕಲ್ (ಶಾಮಿಯಾನ ಸರ್ಕಲ್) ನಿಂದ ಆರಂಭವಾಗಿ, ನಗರಸಭೆ ಮುಂಭಾಗ, ವಾಲ್ಮೀಕಿ ಸರ್ಕಲ್, ಮಾರ್ಕಂಡೇಶ್ವರ ದೇವಸ್ಥಾನ, ಕೆಜಿ ಕಿರಣ, ಎಸ್‌ಬಿಐ ಸರ್ಕಲ್ ಹಾಗೂ ಸಾಯಿಬಾಬಾ ಸರ್ಕಲ್ ಮಾರ್ಗವಾಗಿ ಜಿಲ್ಲಾಧಿಕಾರಿಗಳ ಕಚೇರಿಯವರೆಗೆ ಕಾಲ್ನಡಿಗೆ ಜಾಥಾ ನಡೆಸಲಾಯಿತು. ಜಿಲ್ಲಾಧಿಕಾರಿಗಳ ಕಚೇರಿ ಎದುರು ಧರಣಿ ನಡೆಸಿದ ಪ್ರತಿಭಟನಾಕಾರರು ಜಿಲ್ಲಾಧಿಕಾರಿಗಳ ಮೂಲಕ ಮುಖ್ಯಮಂತ್ರಿ ಅವರಿಗೆ ಮನವಿ ಪತ್ರ ಸಲ್ಲಿಸಿದರು. ಮನವಿಯಲ್ಲಿ ವಿಜಯನಗರ ಜಿಲ್ಲೆಯ
ಬರಪೀಡಿತ ತಾಲೂಕುಗಳನ್ನು ಅಧಿಕೃತವಾಗಿ ಘೋಷಿಸುವುದು, ಬೆಳೆ ನಷ್ಟ ಅನುಭವಿಸಿದ ರೈತರಿಗೆ ಪ್ರತಿ ಎಕರೆಗೆ 30,000 ಪರಿಹಾರ ನೀಡುವುದು ಹಾಗೂ ರೈತರ ಕೃಷಿ ಸಾಲವನ್ನು ಸಂಪೂರ್ಣ ಮನ್ನಾ ಮಾಡಬೇಕೆಂದು ಆಗ್ರಹಿಸಲಾಯಿತು. ಈ ಸಂದರ್ಭದಲ್ಲಿ ಮಾತನಾಡಿದ ಜಿಲ್ಲಾ ಅಧ್ಯಕ್ಷ ಎಸ್.ಪಿ. ಗಾಳೆಪ್ಪ, ನಿರಂತರ ಮಳೆ ಕೊರತೆಯಿಂದ ರೈತರು ಆರ್ಥಿಕ ಸಂಕಷ್ಟಕ್ಕೆ ಸಿಲುಕಿದ್ದು, ಸರ್ಕಾರ ತಕ್ಷಣವೇ ಬೆಳೆ ಹಾನಿ ಸಮೀಕ್ಷೆ ನಡೆಸಿ ರೈತರಿಗೆ ಪರಿಹಾರ ವಿತರಿಸಬೇಕು ಎಂದು ಒತ್ತಾಯಿಸಿದರು. ಪ್ರತಿಭಟನೆಯಲ್ಲಿ ಜಿಲ್ಲಾ ಕಾರ್ಯದರ್ಶಿ ವೆಂಕಟೇಶ್, ತಾಲೂಕು ಅಧ್ಯಕ್ಷರಾದ ಮಾಳ್ಗಿ ಮಂಜು (ಹೊಸಪೇಟೆ), ರಮೇಶ್ (ಹಗರಿಬೊಮ್ಮನಹಳ್ಳಿ), ಸಿ. ರೇಖಾ (ಕೊಟ್ಟೂರು), ಮಲ್ಲಿಕಾರ್ಜುನ (ಕೂಡ್ಲಿಗಿ), ರೂಪ (ಹರಪನಹಳ್ಳಿ), ಕಲಾವತಿ (ಹಡಗಲಿ) ಸೇರಿದಂತೆ ರೈತ ಸಂಘದ ಪದಾಧಿಕಾರಿಗಳು ಹಾಗೂ ನೂರಾರು ರೈತರು ಭಾಗವಹಿಸಿದ್ದರು.
